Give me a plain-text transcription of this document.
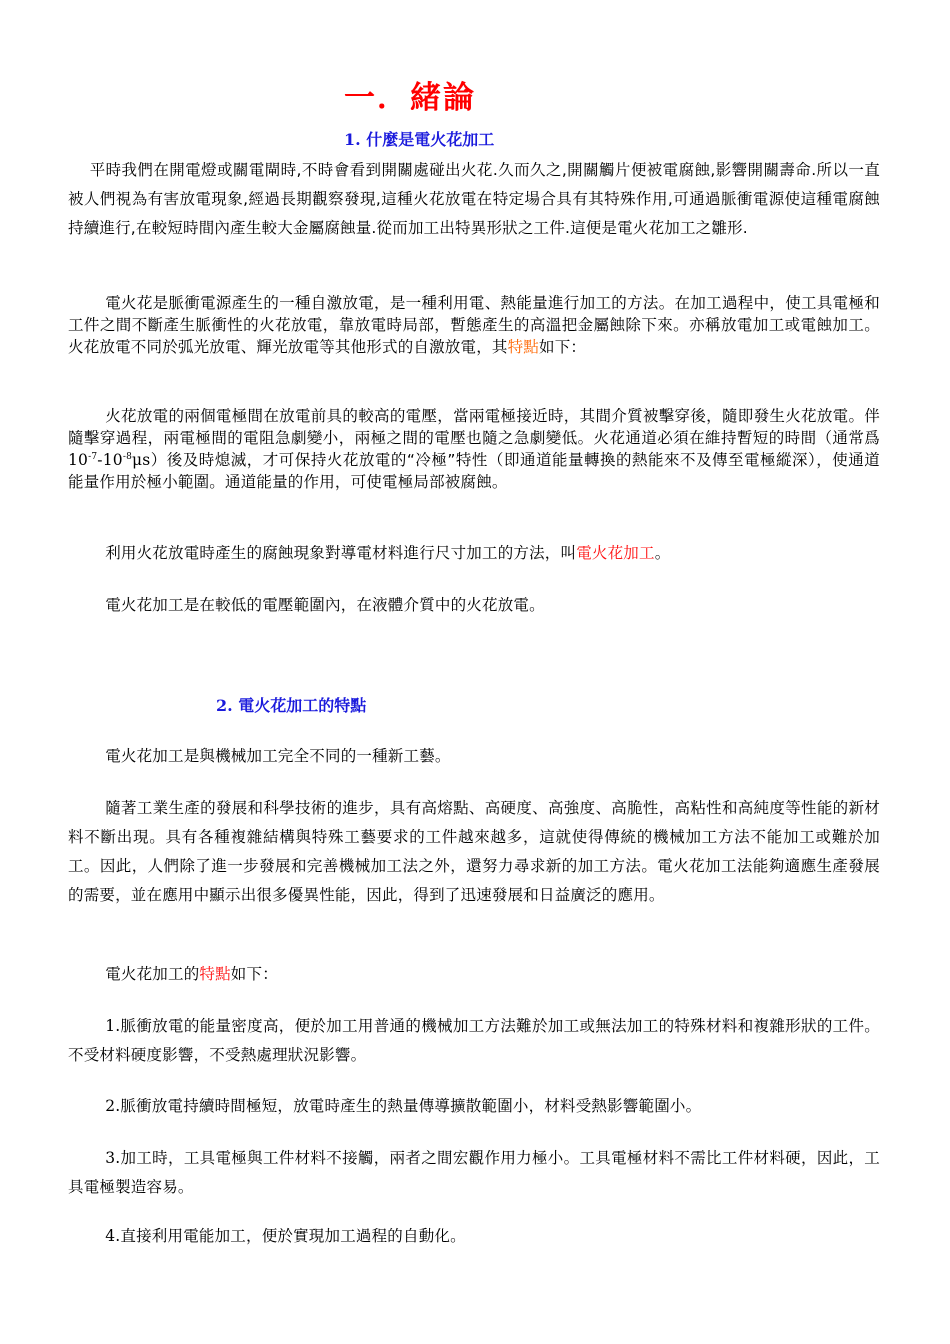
一．緒論
1. 什麼是電火花加工

平時我們在開電燈或關電閘時,不時會看到開關處碰出火花.久而久之,開關觸片便被電腐蝕,影響開關壽命.所以一直被人們視為有害放電現象,經過長期觀察發現,這種火花放電在特定場合具有其特殊作用,可通過脈衝電源使這種電腐蝕持續進行,在較短時間內產生較大金屬腐蝕量.從而加工出特異形狀之工件.這便是電火花加工之雛形.

電火花是脈衝電源產生的一種自激放電，是一種利用電、熱能量進行加工的方法。在加工過程中，使工具電極和工件之間不斷產生脈衝性的火花放電，靠放電時局部，暫態產生的高溫把金屬蝕除下來。亦稱放電加工或電蝕加工。火花放電不同於弧光放電、輝光放電等其他形式的自激放電，其特點如下：

火花放電的兩個電極間在放電前具的較高的電壓，當兩電極接近時，其間介質被擊穿後，隨即發生火花放電。伴隨擊穿過程，兩電極間的電阻急劇變小，兩極之間的電壓也隨之急劇變低。火花通道必須在維持暫短的時間（通常爲$10^{-7}-10^{-8}\mu s$）後及時熄滅，才可保持火花放電的“冷極”特性（即通道能量轉換的熱能來不及傳至電極縱深），使通道能量作用於極小範圍。通道能量的作用，可使電極局部被腐蝕。

利用火花放電時產生的腐蝕現象對導電材料進行尺寸加工的方法，叫電火花加工。

電火花加工是在較低的電壓範圍內，在液體介質中的火花放電。

2. 電火花加工的特點

電火花加工是與機械加工完全不同的一種新工藝。

隨著工業生產的發展和科學技術的進步，具有高熔點、高硬度、高強度、高脆性，高粘性和高純度等性能的新材料不斷出現。具有各種複雜結構與特殊工藝要求的工件越來越多，這就使得傳統的機械加工方法不能加工或難於加工。因此，人們除了進一步發展和完善機械加工法之外，還努力尋求新的加工方法。電火花加工法能夠適應生產發展的需要，並在應用中顯示出很多優異性能，因此，得到了迅速發展和日益廣泛的應用。

電火花加工的特點如下：

1.脈衝放電的能量密度高，便於加工用普通的機械加工方法難於加工或無法加工的特殊材料和複雜形狀的工件。不受材料硬度影響，不受熱處理狀況影響。

2.脈衝放電持續時間極短，放電時產生的熱量傳導擴散範圍小，材料受熱影響範圍小。

3.加工時，工具電極與工件材料不接觸，兩者之間宏觀作用力極小。工具電極材料不需比工件材料硬，因此，工具電極製造容易。

4.直接利用電能加工，便於實現加工過程的自動化。
